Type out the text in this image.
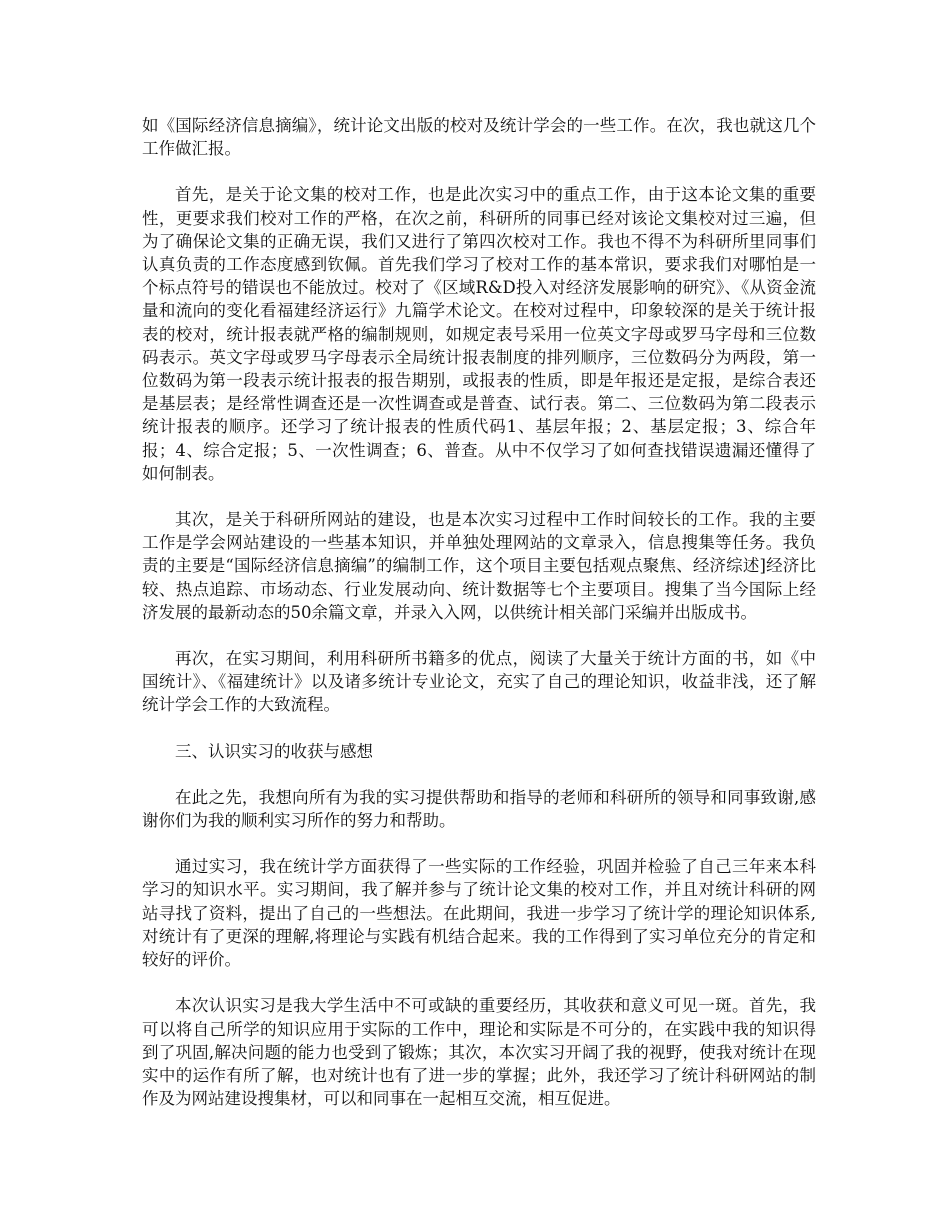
如《国际经济信息摘编》，统计论文出版的校对及统计学会的一些工作。在次，我也就这几个工作做汇报。

首先，是关于论文集的校对工作，也是此次实习中的重点工作，由于这本论文集的重要性，更要求我们校对工作的严格，在次之前，科研所的同事已经对该论文集校对过三遍，但为了确保论文集的正确无误，我们又进行了第四次校对工作。我也不得不为科研所里同事们认真负责的工作态度感到钦佩。首先我们学习了校对工作的基本常识，要求我们对哪怕是一个标点符号的错误也不能放过。校对了《区域R&D投入对经济发展影响的研究》、《从资金流量和流向的变化看福建经济运行》九篇学术论文。在校对过程中，印象较深的是关于统计报表的校对，统计报表就严格的编制规则，如规定表号采用一位英文字母或罗马字母和三位数码表示。英文字母或罗马字母表示全局统计报表制度的排列顺序，三位数码分为两段，第一位数码为第一段表示统计报表的报告期别，或报表的性质，即是年报还是定报，是综合表还是基层表；是经常性调查还是一次性调查或是普查、试行表。第二、三位数码为第二段表示统计报表的顺序。还学习了统计报表的性质代码1、基层年报；2、基层定报；3、综合年报；4、综合定报；5、一次性调查；6、普查。从中不仅学习了如何查找错误遗漏还懂得了如何制表。

其次，是关于科研所网站的建设，也是本次实习过程中工作时间较长的工作。我的主要工作是学会网站建设的一些基本知识，并单独处理网站的文章录入，信息搜集等任务。我负责的主要是“国际经济信息摘编”的编制工作，这个项目主要包括观点聚焦、经济综述]经济比较、热点追踪、市场动态、行业发展动向、统计数据等七个主要项目。搜集了当今国际上经济发展的最新动态的50余篇文章，并录入入网，以供统计相关部门采编并出版成书。

再次，在实习期间，利用科研所书籍多的优点，阅读了大量关于统计方面的书，如《中国统计》、《福建统计》以及诸多统计专业论文，充实了自己的理论知识，收益非浅，还了解统计学会工作的大致流程。

三、认识实习的收获与感想

在此之先，我想向所有为我的实习提供帮助和指导的老师和科研所的领导和同事致谢,感谢你们为我的顺利实习所作的努力和帮助。

通过实习，我在统计学方面获得了一些实际的工作经验，巩固并检验了自己三年来本科学习的知识水平。实习期间，我了解并参与了统计论文集的校对工作，并且对统计科研的网站寻找了资料，提出了自己的一些想法。在此期间，我进一步学习了统计学的理论知识体系,对统计有了更深的理解,将理论与实践有机结合起来。我的工作得到了实习单位充分的肯定和较好的评价。

本次认识实习是我大学生活中不可或缺的重要经历，其收获和意义可见一斑。首先，我可以将自己所学的知识应用于实际的工作中，理论和实际是不可分的，在实践中我的知识得到了巩固,解决问题的能力也受到了锻炼；其次，本次实习开阔了我的视野，使我对统计在现实中的运作有所了解，也对统计也有了进一步的掌握；此外，我还学习了统计科研网站的制作及为网站建设搜集材，可以和同事在一起相互交流，相互促进。
